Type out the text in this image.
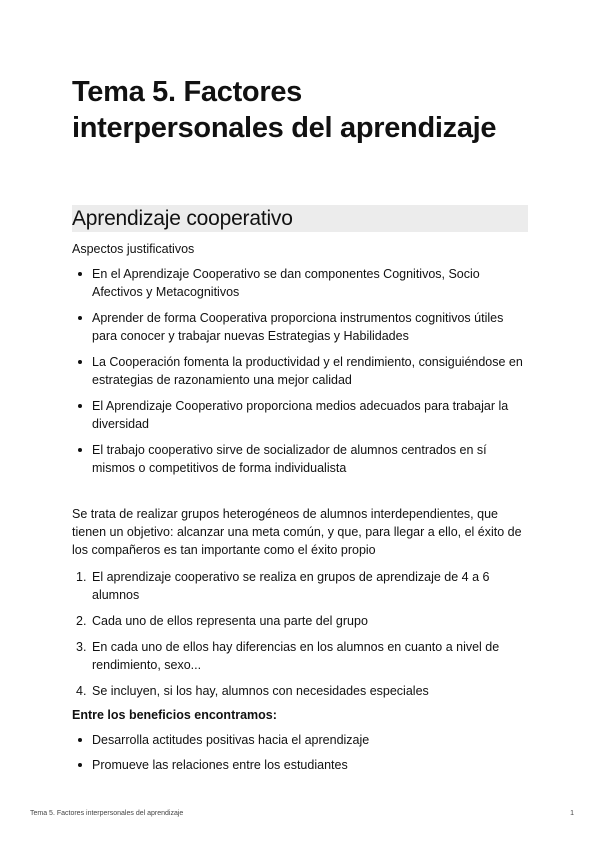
Tema 5. Factores interpersonales del aprendizaje
Aprendizaje cooperativo

Aspectos justificativos

En el Aprendizaje Cooperativo se dan componentes Cognitivos, Socio Afectivos y Metacognitivos
Aprender de forma Cooperativa proporciona instrumentos cognitivos útiles para conocer y trabajar nuevas Estrategias y Habilidades
La Cooperación fomenta la productividad y el rendimiento, consiguiéndose en estrategias de razonamiento una mejor calidad
El Aprendizaje Cooperativo proporciona medios adecuados para trabajar la diversidad
El trabajo cooperativo sirve de socializador de alumnos centrados en sí mismos o competitivos de forma individualista

Se trata de realizar grupos heterogéneos de alumnos interdependientes, que tienen un objetivo: alcanzar una meta común, y que, para llegar a ello, el éxito de los compañeros es tan importante como el éxito propio

1. El aprendizaje cooperativo se realiza en grupos de aprendizaje de 4 a 6 alumnos
2. Cada uno de ellos representa una parte del grupo
3. En cada uno de ellos hay diferencias en los alumnos en cuanto a nivel de rendimiento, sexo...
4. Se incluyen, si los hay, alumnos con necesidades especiales

Entre los beneficios encontramos:

Desarrolla actitudes positivas hacia el aprendizaje
Promueve las relaciones entre los estudiantes
Tema 5. Factores interpersonales del aprendizaje	1
